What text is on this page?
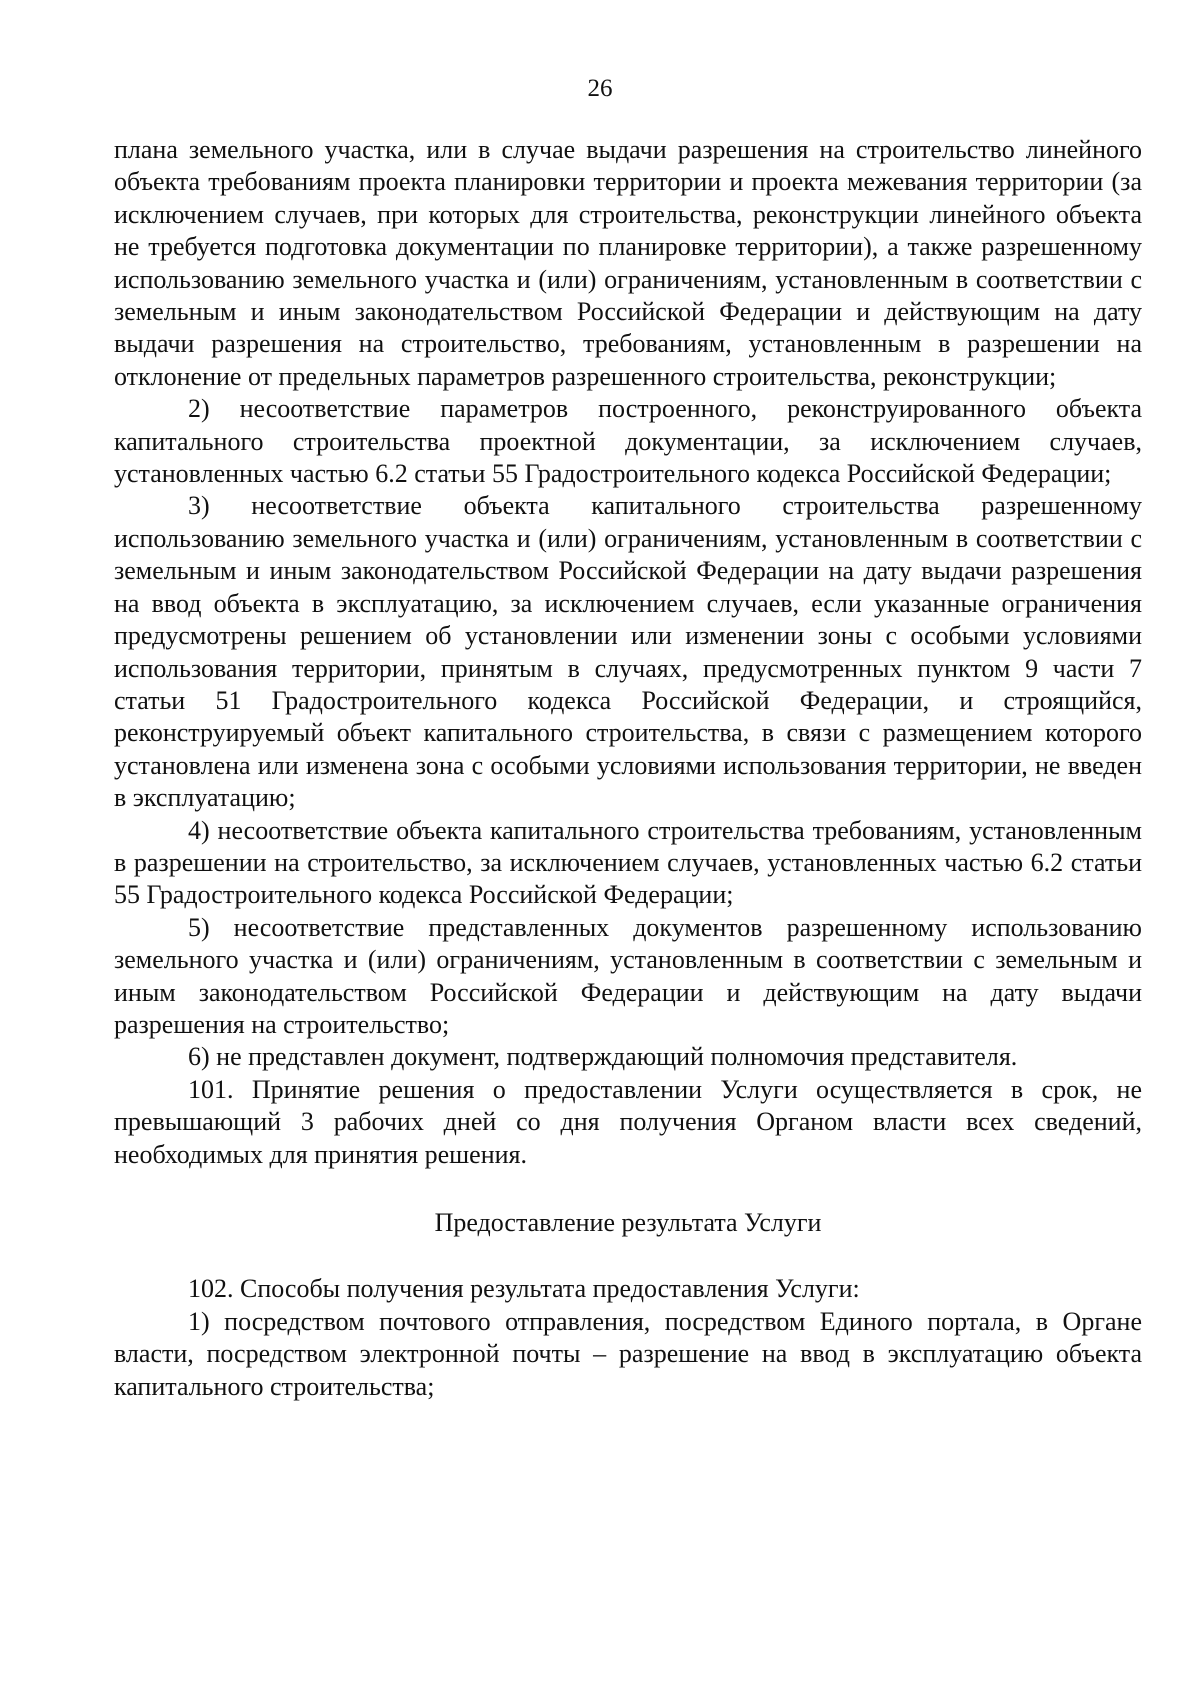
26

плана земельного участка, или в случае выдачи разрешения на строительство линейного объекта требованиям проекта планировки территории и проекта межевания территории (за исключением случаев, при которых для строительства, реконструкции линейного объекта не требуется подготовка документации по планировке территории), а также разрешенному использованию земельного участка и (или) ограничениям, установленным в соответствии с земельным и иным законодательством Российской Федерации и действующим на дату выдачи разрешения на строительство, требованиям, установленным в разрешении на отклонение от предельных параметров разрешенного строительства, реконструкции;

2) несоответствие параметров построенного, реконструированного объекта капитального строительства проектной документации, за исключением случаев, установленных частью 6.2 статьи 55 Градостроительного кодекса Российской Федерации;

3) несоответствие объекта капитального строительства разрешенному использованию земельного участка и (или) ограничениям, установленным в соответствии с земельным и иным законодательством Российской Федерации на дату выдачи разрешения на ввод объекта в эксплуатацию, за исключением случаев, если указанные ограничения предусмотрены решением об установлении или изменении зоны с особыми условиями использования территории, принятым в случаях, предусмотренных пунктом 9 части 7 статьи 51 Градостроительного кодекса Российской Федерации, и строящийся, реконструируемый объект капитального строительства, в связи с размещением которого установлена или изменена зона с особыми условиями использования территории, не введен в эксплуатацию;

4) несоответствие объекта капитального строительства требованиям, установленным в разрешении на строительство, за исключением случаев, установленных частью 6.2 статьи 55 Градостроительного кодекса Российской Федерации;

5) несоответствие представленных документов разрешенному использованию земельного участка и (или) ограничениям, установленным в соответствии с земельным и иным законодательством Российской Федерации и действующим на дату выдачи разрешения на строительство;

6) не представлен документ, подтверждающий полномочия представителя.

101. Принятие решения о предоставлении Услуги осуществляется в срок, не превышающий 3 рабочих дней со дня получения Органом власти всех сведений, необходимых для принятия решения.

Предоставление результата Услуги

102. Способы получения результата предоставления Услуги:

1) посредством почтового отправления, посредством Единого портала, в Органе власти, посредством электронной почты – разрешение на ввод в эксплуатацию объекта капитального строительства;
